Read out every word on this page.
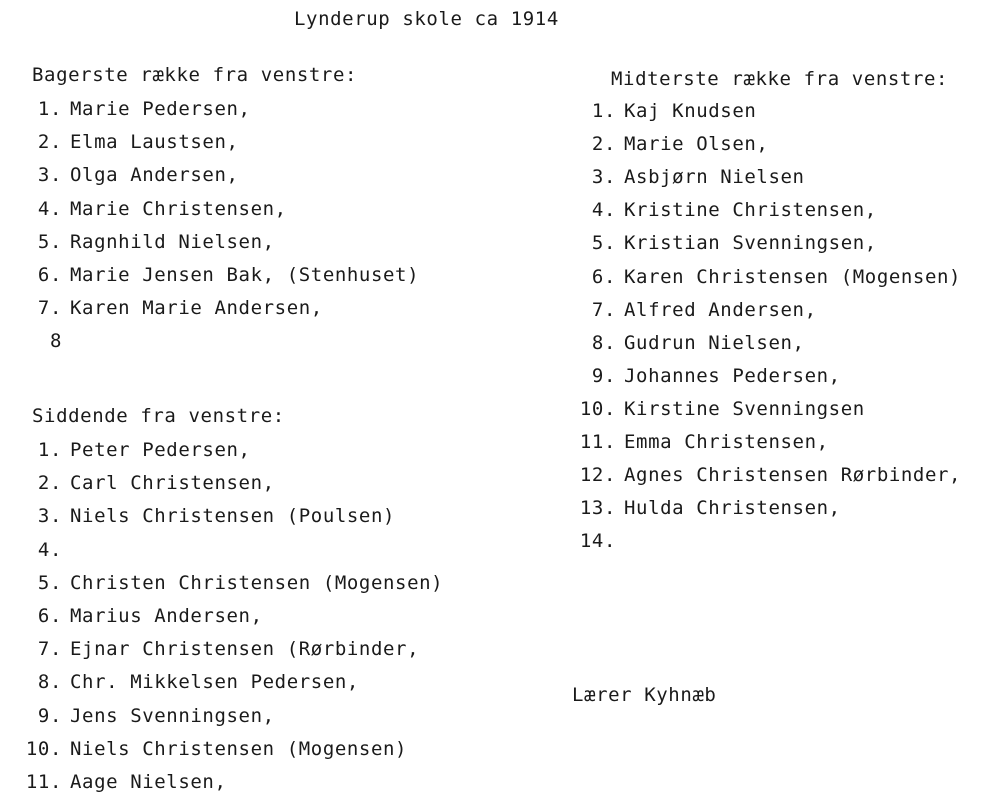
Lynderup skole ca 1914
Bagerste række fra venstre:
1. Marie Pedersen,
2. Elma Laustsen,
3. Olga Andersen,
4. Marie Christensen,
5. Ragnhild Nielsen,
6. Marie Jensen Bak, (Stenhuset)
7. Karen Marie Andersen,
8
Siddende fra venstre:
1. Peter Pedersen,
2. Carl Christensen,
3. Niels Christensen (Poulsen)
4.
5. Christen Christensen (Mogensen)
6. Marius Andersen,
7. Ejnar Christensen (Rørbinder,
8. Chr. Mikkelsen Pedersen,
9. Jens Svenningsen,
10. Niels Christensen (Mogensen)
11. Aage Nielsen,
Midterste række fra venstre:
1. Kaj Knudsen
2. Marie Olsen,
3. Asbjørn Nielsen
4. Kristine Christensen,
5. Kristian Svenningsen,
6. Karen Christensen (Mogensen)
7. Alfred Andersen,
8. Gudrun Nielsen,
9. Johannes Pedersen,
10. Kirstine Svenningsen
11. Emma Christensen,
12. Agnes Christensen Rørbinder,
13. Hulda Christensen,
14.
Lærer Kyhnæb
